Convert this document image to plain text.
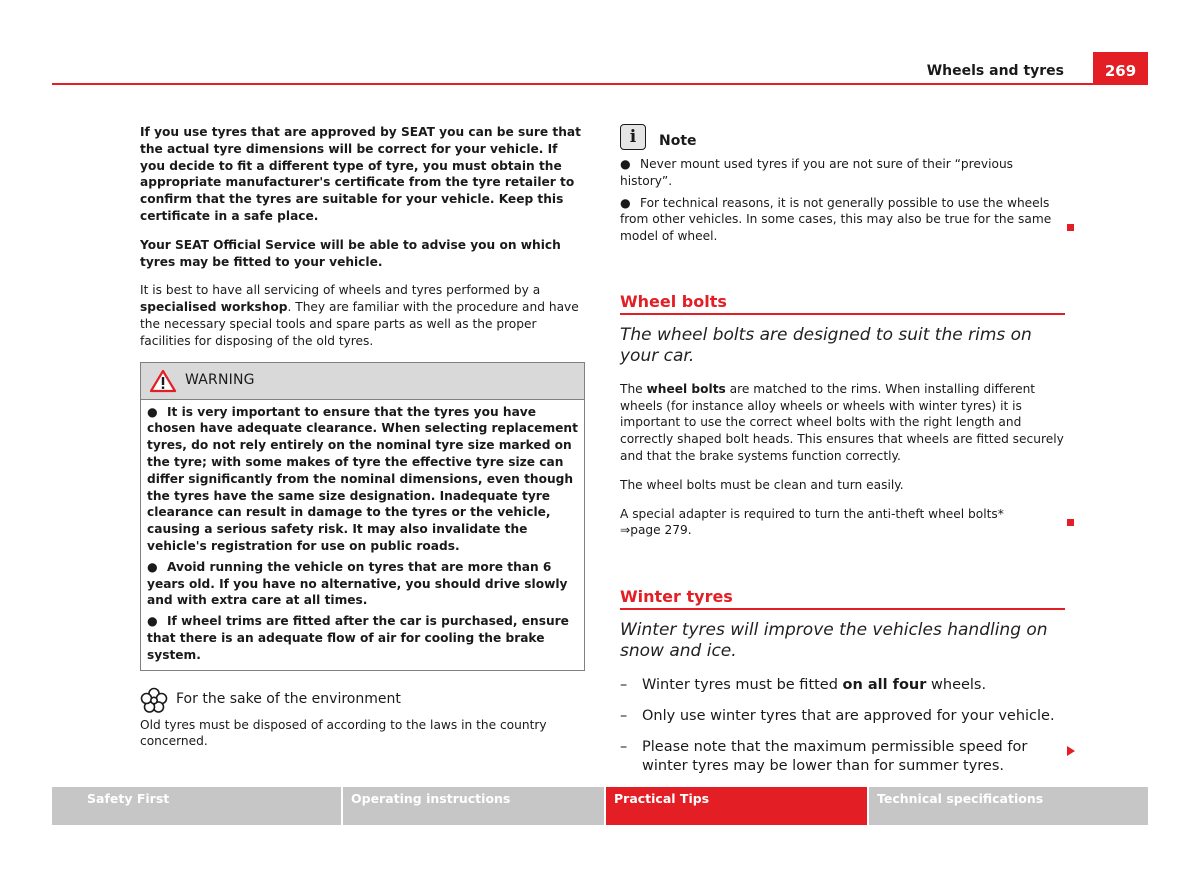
Wheels and tyres	269

If you use tyres that are approved by SEAT you can be sure that the actual tyre dimensions will be correct for your vehicle. If you decide to fit a different type of tyre, you must obtain the appropriate manufacturer's certificate from the tyre retailer to confirm that the tyres are suitable for your vehicle. Keep this certificate in a safe place.

Your SEAT Official Service will be able to advise you on which tyres may be fitted to your vehicle.

It is best to have all servicing of wheels and tyres performed by a specialised workshop. They are familiar with the procedure and have the necessary special tools and spare parts as well as the proper facilities for disposing of the old tyres.

WARNING
● It is very important to ensure that the tyres you have chosen have adequate clearance. When selecting replacement tyres, do not rely entirely on the nominal tyre size marked on the tyre; with some makes of tyre the effective tyre size can differ significantly from the nominal dimensions, even though the tyres have the same size designation. Inadequate tyre clearance can result in damage to the tyres or the vehicle, causing a serious safety risk. It may also invalidate the vehicle's registration for use on public roads.
● Avoid running the vehicle on tyres that are more than 6 years old. If you have no alternative, you should drive slowly and with extra care at all times.
● If wheel trims are fitted after the car is purchased, ensure that there is an adequate flow of air for cooling the brake system.
For the sake of the environment

Old tyres must be disposed of according to the laws in the country concerned.

i	Note
● Never mount used tyres if you are not sure of their “previous history”.
● For technical reasons, it is not generally possible to use the wheels from other vehicles. In some cases, this may also be true for the same model of wheel.
Wheel bolts
The wheel bolts are designed to suit the rims on your car.

The wheel bolts are matched to the rims. When installing different wheels (for instance alloy wheels or wheels with winter tyres) it is important to use the correct wheel bolts with the right length and correctly shaped bolt heads. This ensures that wheels are fitted securely and that the brake systems function correctly.

The wheel bolts must be clean and turn easily.

A special adapter is required to turn the anti-theft wheel bolts*
⇒page 279.

Winter tyres
Winter tyres will improve the vehicles handling on snow and ice.
–	Winter tyres must be fitted on all four wheels.
–	Only use winter tyres that are approved for your vehicle.
–	Please note that the maximum permissible speed for winter tyres may be lower than for summer tyres.
Safety First	Operating instructions	Practical Tips	Technical specifications
